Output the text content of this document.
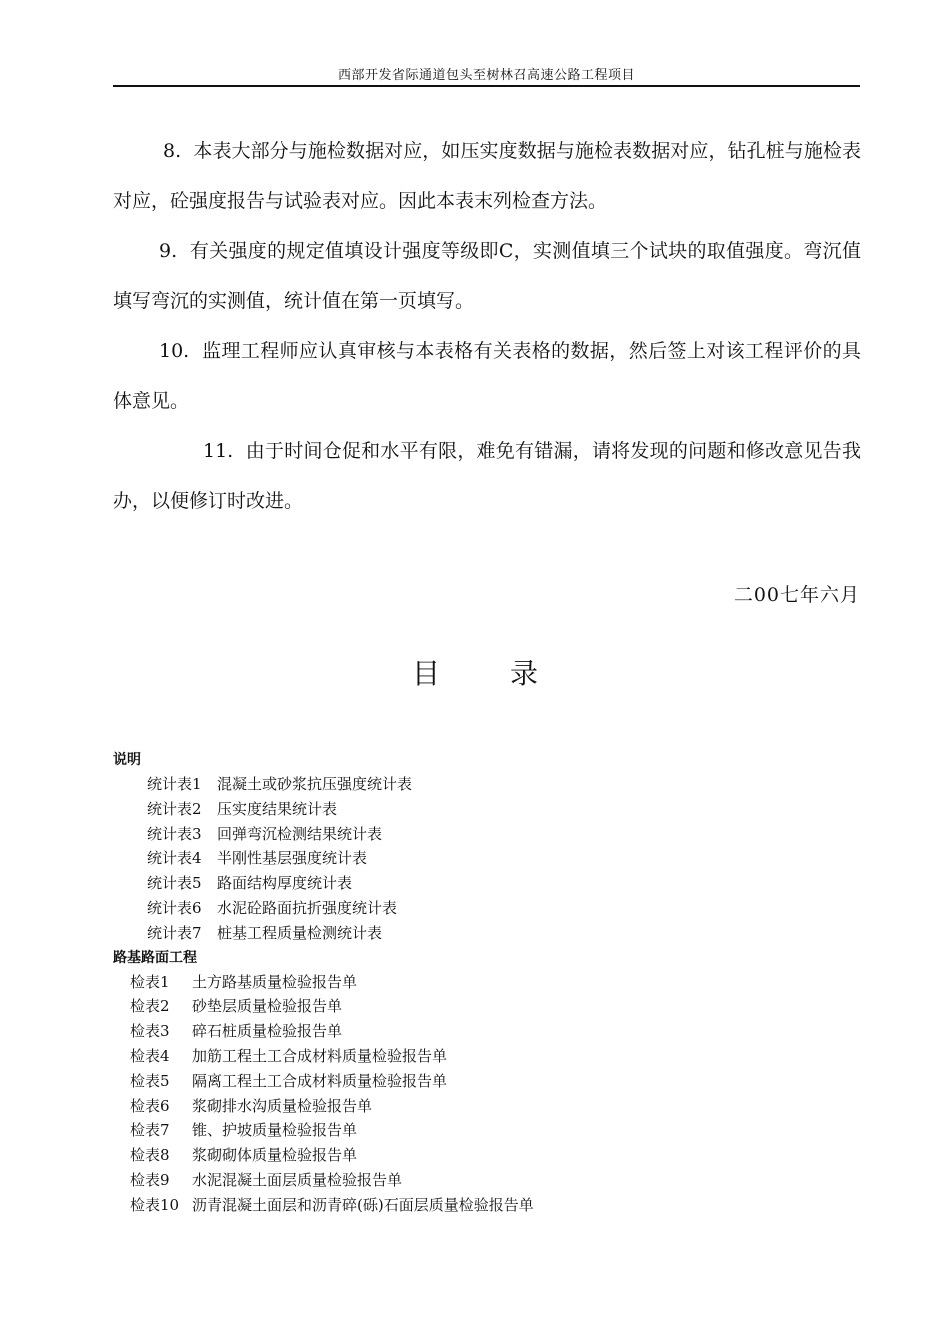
西部开发省际通道包头至树林召高速公路工程项目

8. 本表大部分与施检数据对应，如压实度数据与施检表数据对应，钻孔桩与施检表对应，砼强度报告与试验表对应。因此本表末列检查方法。

9. 有关强度的规定值填设计强度等级即C，实测值填三个试块的取值强度。弯沉值填写弯沉的实测值，统计值在第一页填写。

10. 监理工程师应认真审核与本表格有关表格的数据，然后签上对该工程评价的具体意见。

11. 由于时间仓促和水平有限，难免有错漏，请将发现的问题和修改意见告我办，以便修订时改进。

二00七年六月
目	录
说明
统计表1 混凝土或砂浆抗压强度统计表
统计表2 压实度结果统计表
统计表3 回弹弯沉检测结果统计表
统计表4 半刚性基层强度统计表
统计表5 路面结构厚度统计表
统计表6 水泥砼路面抗折强度统计表
统计表7 桩基工程质量检测统计表
路基路面工程
检表1 土方路基质量检验报告单
检表2 砂垫层质量检验报告单
检表3 碎石桩质量检验报告单
检表4 加筋工程土工合成材料质量检验报告单
检表5 隔离工程土工合成材料质量检验报告单
检表6 浆砌排水沟质量检验报告单
检表7 锥、护坡质量检验报告单
检表8 浆砌砌体质量检验报告单
检表9 水泥混凝土面层质量检验报告单
检表10 沥青混凝土面层和沥青碎(砾)石面层质量检验报告单
